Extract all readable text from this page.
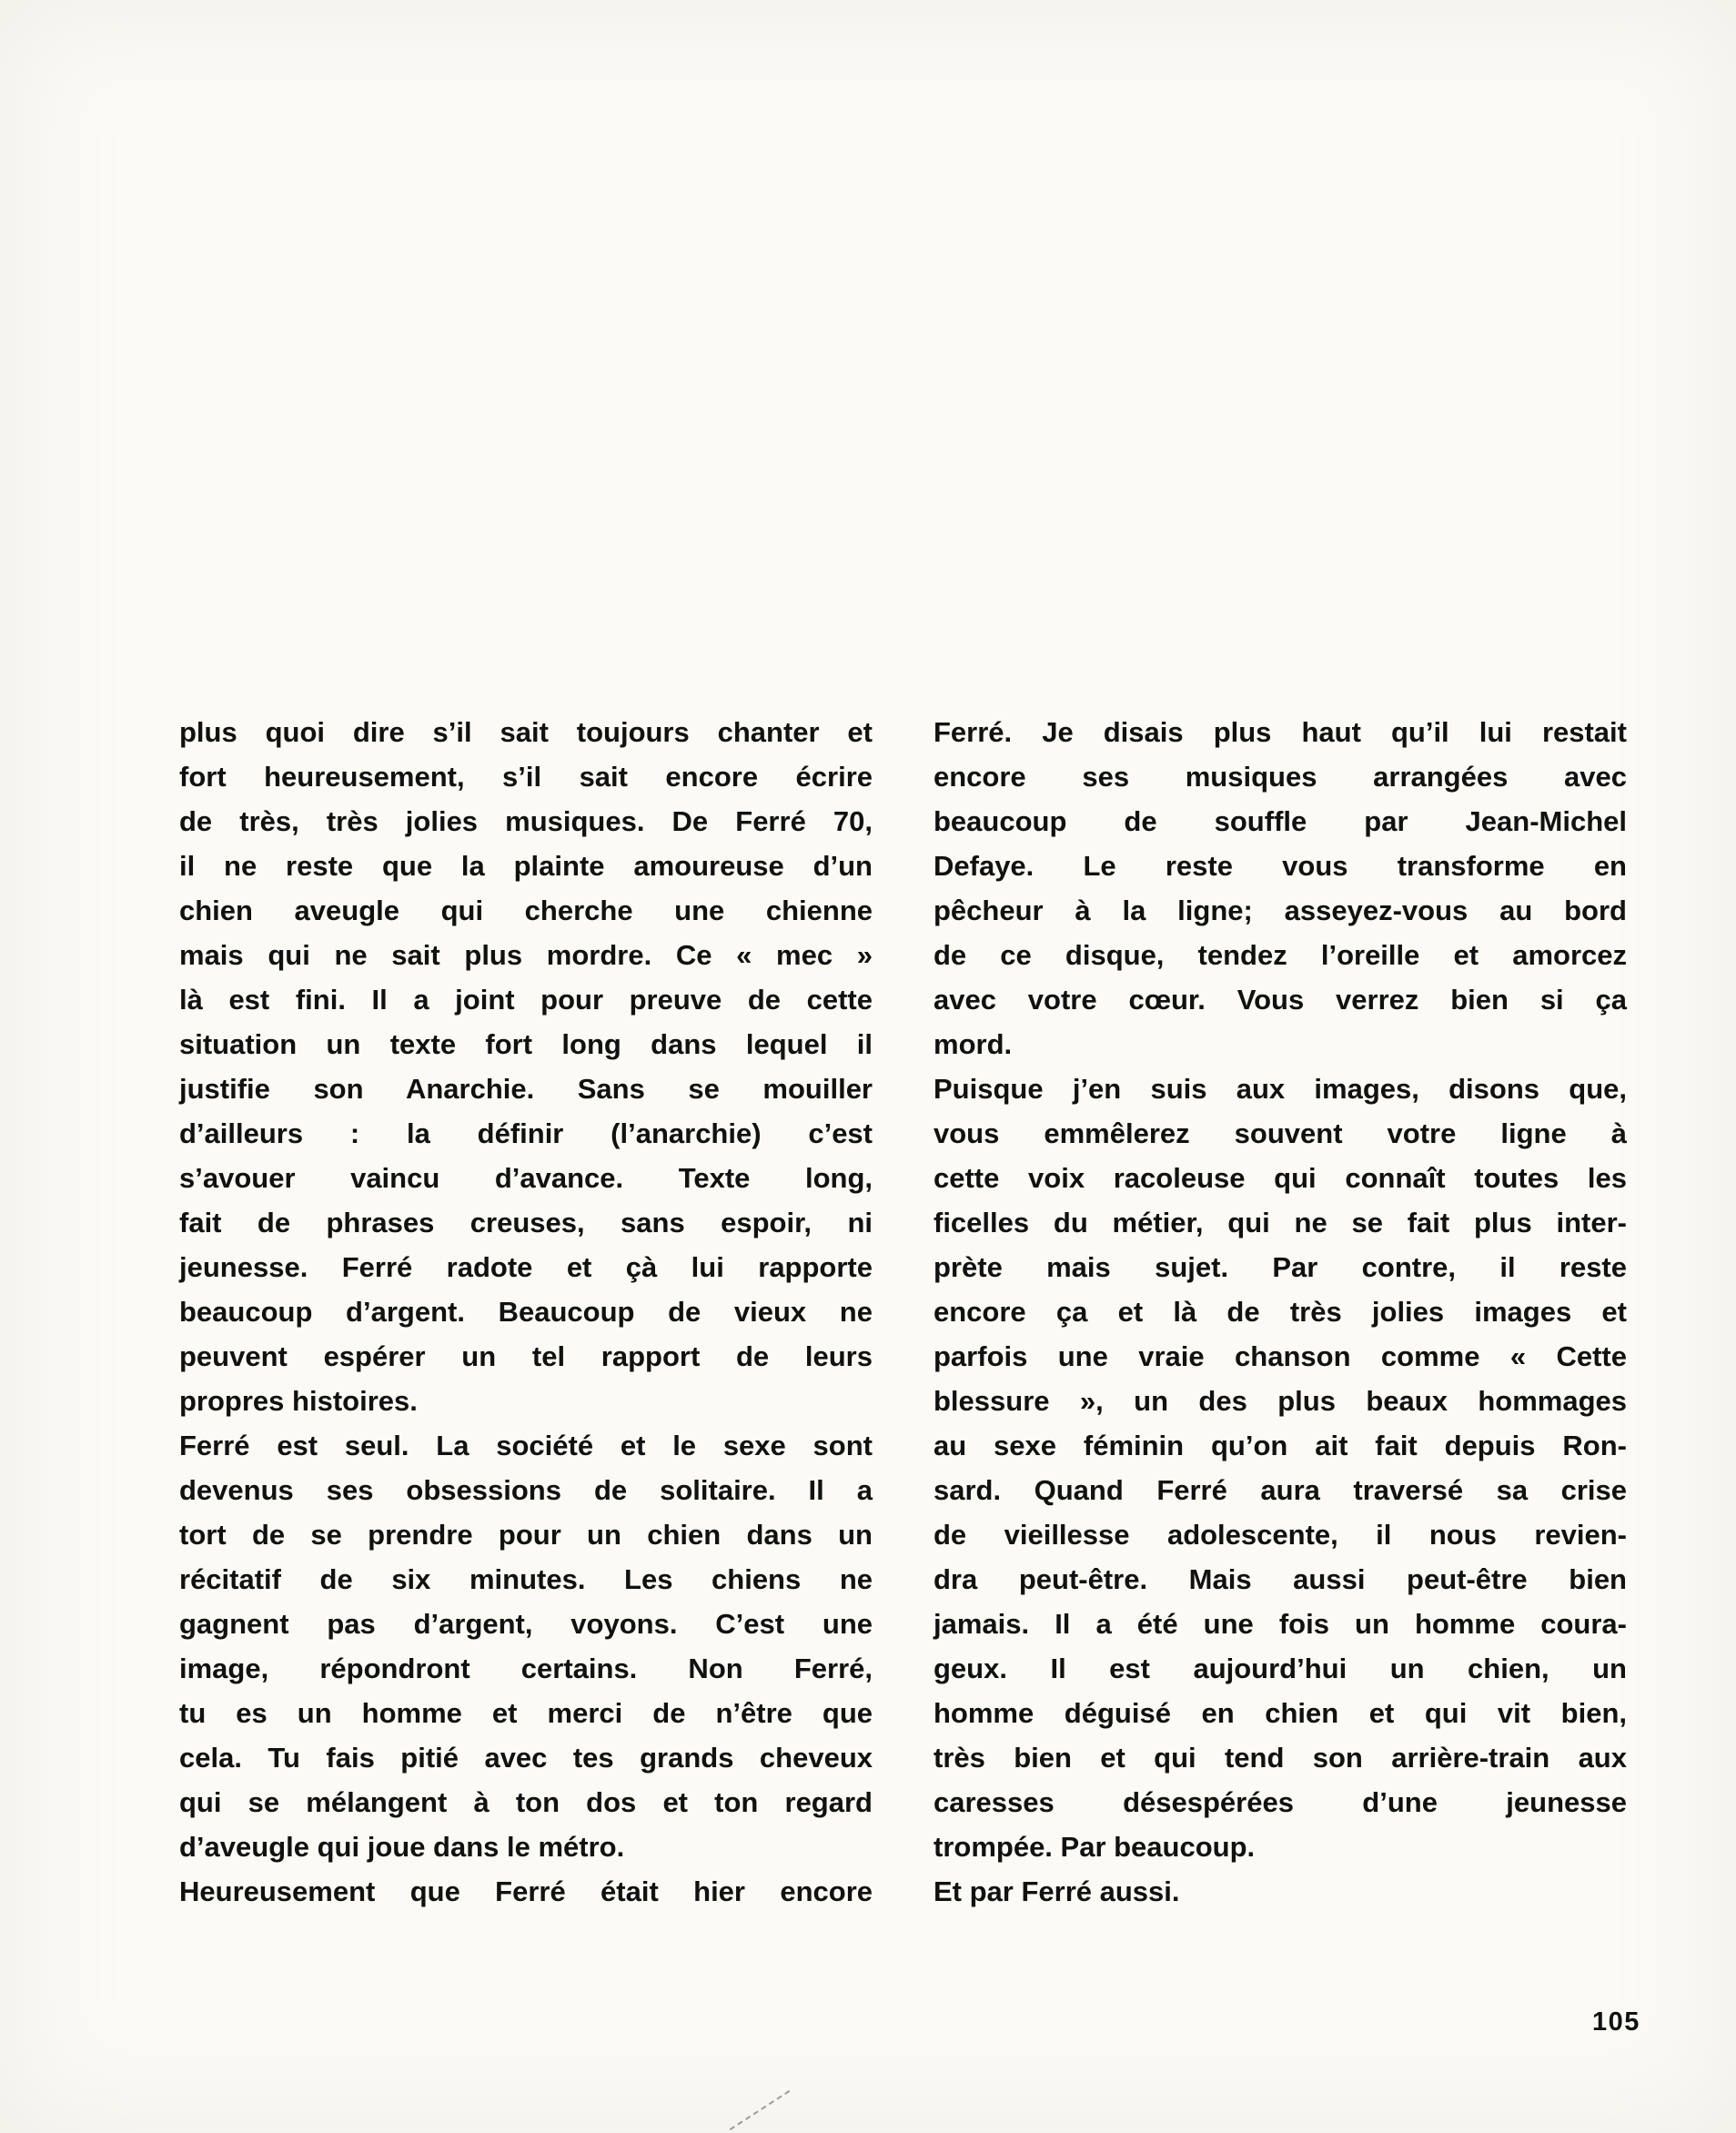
plus quoi dire s’il sait toujours chanter et
fort heureusement, s’il sait encore écrire
de très, très jolies musiques. De Ferré 70,
il ne reste que la plainte amoureuse d’un
chien aveugle qui cherche une chienne
mais qui ne sait plus mordre. Ce « mec »
là est fini. Il a joint pour preuve de cette
situation un texte fort long dans lequel il
justifie son Anarchie. Sans se mouiller
d’ailleurs : la définir (l’anarchie) c’est
s’avouer vaincu d’avance. Texte long,
fait de phrases creuses, sans espoir, ni
jeunesse. Ferré radote et çà lui rapporte
beaucoup d’argent. Beaucoup de vieux ne
peuvent espérer un tel rapport de leurs
propres histoires.
Ferré est seul. La société et le sexe sont
devenus ses obsessions de solitaire. Il a
tort de se prendre pour un chien dans un
récitatif de six minutes. Les chiens ne
gagnent pas d’argent, voyons. C’est une
image, répondront certains. Non Ferré,
tu es un homme et merci de n’être que
cela. Tu fais pitié avec tes grands cheveux
qui se mélangent à ton dos et ton regard
d’aveugle qui joue dans le métro.
Heureusement que Ferré était hier encore
Ferré. Je disais plus haut qu’il lui restait
encore ses musiques arrangées avec
beaucoup de souffle par Jean-Michel
Defaye. Le reste vous transforme en
pêcheur à la ligne; asseyez-vous au bord
de ce disque, tendez l’oreille et amorcez
avec votre cœur. Vous verrez bien si ça
mord.
Puisque j’en suis aux images, disons que,
vous emmêlerez souvent votre ligne à
cette voix racoleuse qui connaît toutes les
ficelles du métier, qui ne se fait plus inter-
prète mais sujet. Par contre, il reste
encore ça et là de très jolies images et
parfois une vraie chanson comme « Cette
blessure », un des plus beaux hommages
au sexe féminin qu’on ait fait depuis Ron-
sard. Quand Ferré aura traversé sa crise
de vieillesse adolescente, il nous revien-
dra peut-être. Mais aussi peut-être bien
jamais. Il a été une fois un homme coura-
geux. Il est aujourd’hui un chien, un
homme déguisé en chien et qui vit bien,
très bien et qui tend son arrière-train aux
caresses désespérées d’une jeunesse
trompée. Par beaucoup.
Et par Ferré aussi.
105
